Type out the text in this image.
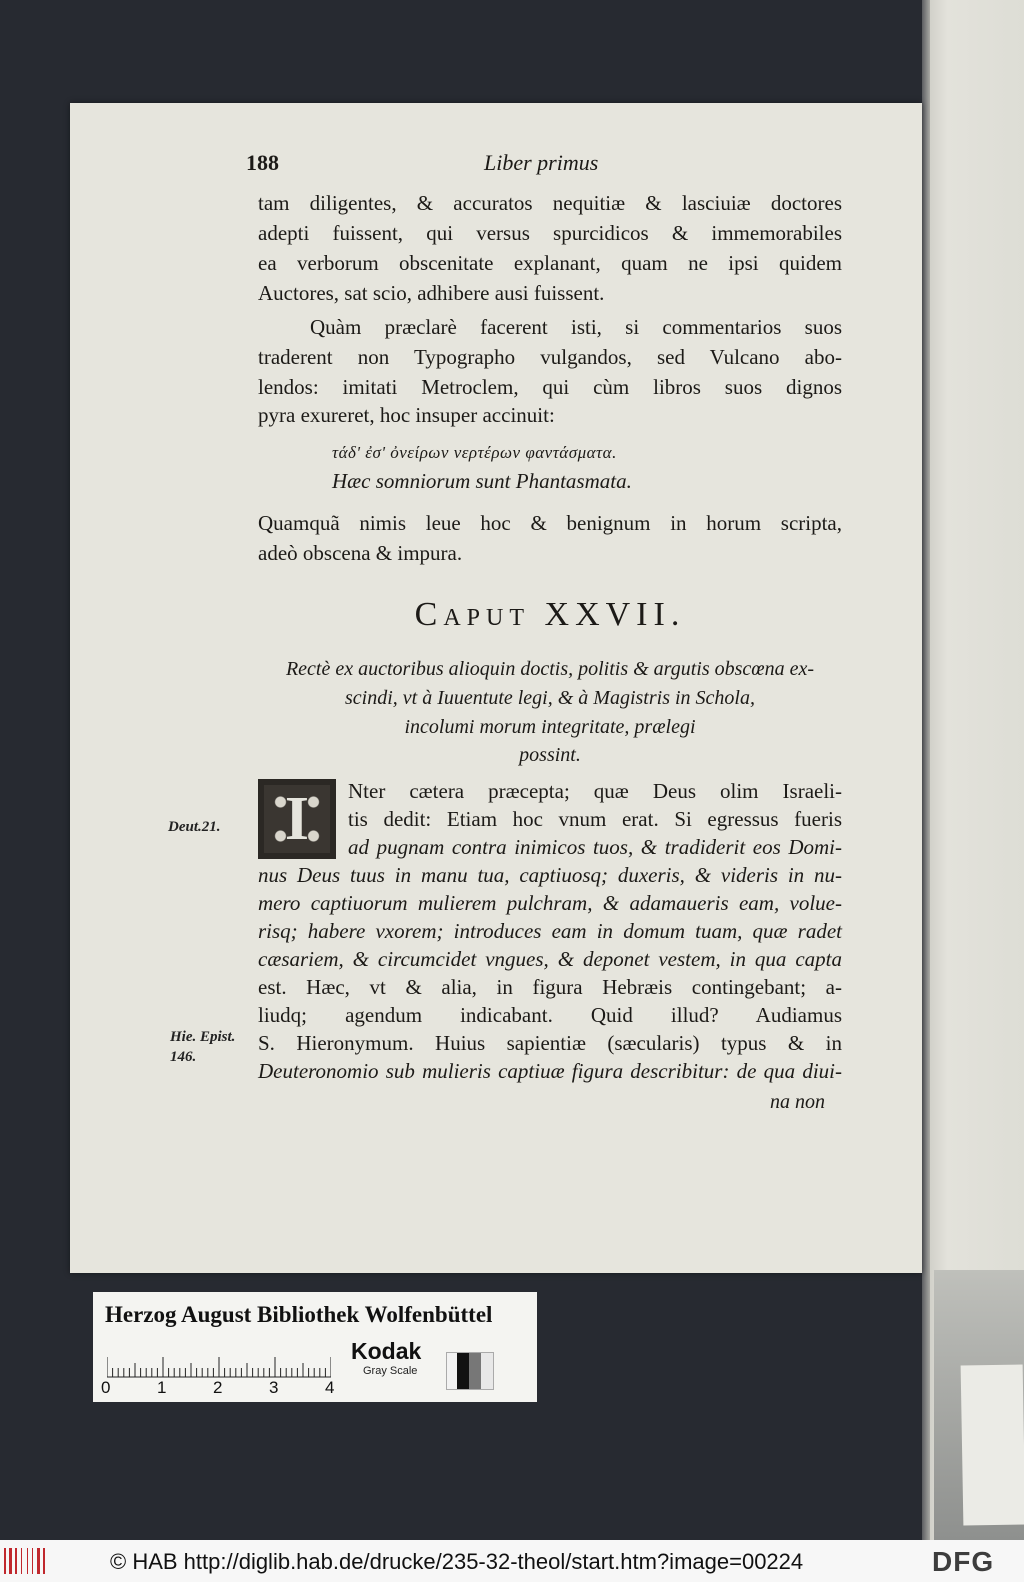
188	Liber primus
tam diligentes, & accuratos nequitiæ & lasciuiæ doctores
adepti fuissent, qui versus spurcidicos & immemorabiles
ea verborum obscenitate explanant, quam ne ipsi quidem
Auctores, sat scio, adhibere ausi fuissent.
Quàm præclarè facerent isti, si commentarios suos
traderent non Typographo vulgandos, sed Vulcano abo-
lendos: imitati Metroclem, qui cùm libros suos dignos
pyra exureret, hoc insuper accinuit:
τάδ' ἐσ' ὀνείρων νερτέρων φαντάσματα.
Hæc somniorum sunt Phantasmata.
Quamquã nimis leue hoc & benignum in horum scripta,
adeò obscena & impura.
Caput XXVII.
Rectè ex auctoribus alioquin doctis, politis & argutis obscœna ex-
scindi, vt à Iuuentute legi, & à Magistris in Schola,
incolumi morum integritate, prælegi
possint.
I	Nter cætera præcepta; quæ Deus olim Israeli-
tis dedit: Etiam hoc vnum erat. Si egressus fueris
ad pugnam contra inimicos tuos, & tradiderit eos Domi-
nus Deus tuus in manu tua, captiuosq; duxeris, & videris in nu-
mero captiuorum mulierem pulchram, & adamaueris eam, volue-
risq; habere vxorem; introduces eam in domum tuam, quæ radet
cæsariem, & circumcidet vngues, & deponet vestem, in qua capta
est. Hæc, vt & alia, in figura Hebræis contingebant; a-
liudq; agendum indicabant. Quid illud? Audiamus
S. Hieronymum. Huius sapientiæ (sæcularis) typus & in
Deuteronomio sub mulieris captiuæ figura describitur: de qua diui-
na non
Deut.21.
Hie. Epist.
146.
Herzog August Bibliothek Wolfenbüttel
0	1	2	3	4
Kodak
Gray Scale
© HAB http://diglib.hab.de/drucke/235-32-theol/start.htm?image=00224	DFG
